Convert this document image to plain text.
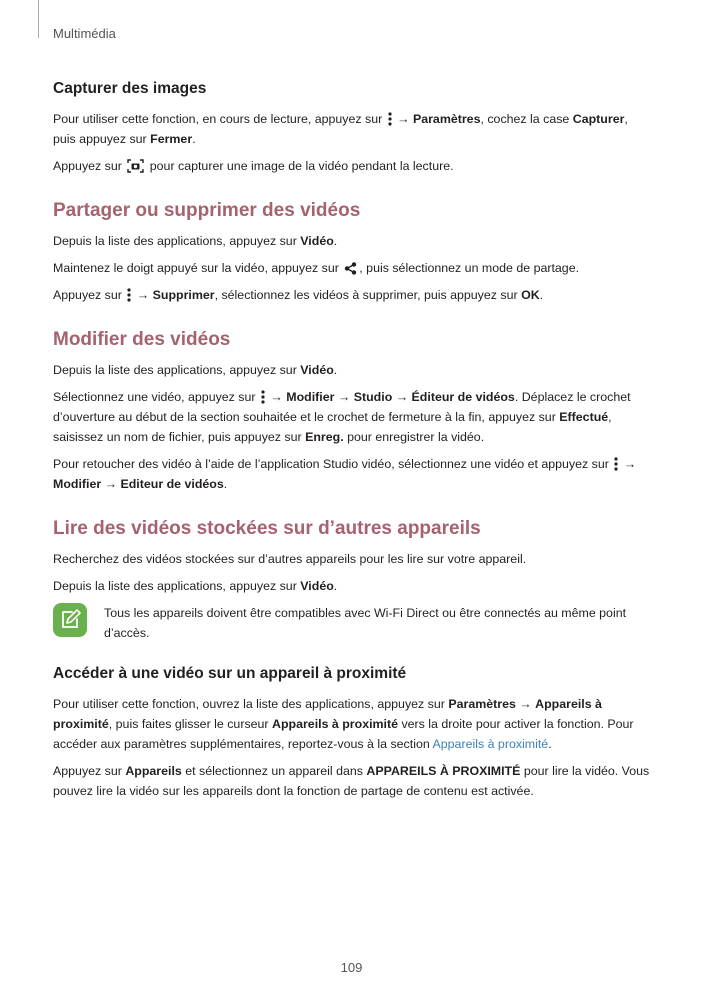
Multimédia
Capturer des images

Pour utiliser cette fonction, en cours de lecture, appuyez sur
→ Paramètres, cochez la case Capturer, puis appuyez sur Fermer.

Appuyez sur
pour capturer une image de la vidéo pendant la lecture.

Partager ou supprimer des vidéos

Depuis la liste des applications, appuyez sur Vidéo.

Maintenez le doigt appuyé sur la vidéo, appuyez sur
, puis sélectionnez un mode de partage.

Appuyez sur
→ Supprimer, sélectionnez les vidéos à supprimer, puis appuyez sur OK.

Modifier des vidéos

Depuis la liste des applications, appuyez sur Vidéo.

Sélectionnez une vidéo, appuyez sur
→ Modifier → Studio → Éditeur de vidéos. Déplacez le crochet d’ouverture au début de la section souhaitée et le crochet de fermeture à la fin, appuyez sur Effectué, saisissez un nom de fichier, puis appuyez sur Enreg. pour enregistrer la vidéo.

Pour retoucher des vidéo à l’aide de l’application Studio vidéo, sélectionnez une vidéo et appuyez sur
→ Modifier → Editeur de vidéos.

Lire des vidéos stockées sur d’autres appareils

Recherchez des vidéos stockées sur d’autres appareils pour les lire sur votre appareil.

Depuis la liste des applications, appuyez sur Vidéo.

Tous les appareils doivent être compatibles avec Wi-Fi Direct ou être connectés au même point d’accès.

Accéder à une vidéo sur un appareil à proximité

Pour utiliser cette fonction, ouvrez la liste des applications, appuyez sur Paramètres → Appareils à proximité, puis faites glisser le curseur Appareils à proximité vers la droite pour activer la fonction. Pour accéder aux paramètres supplémentaires, reportez-vous à la section Appareils à proximité.

Appuyez sur Appareils et sélectionnez un appareil dans APPAREILS À PROXIMITÉ pour lire la vidéo. Vous pouvez lire la vidéo sur les appareils dont la fonction de partage de contenu est activée.

109
